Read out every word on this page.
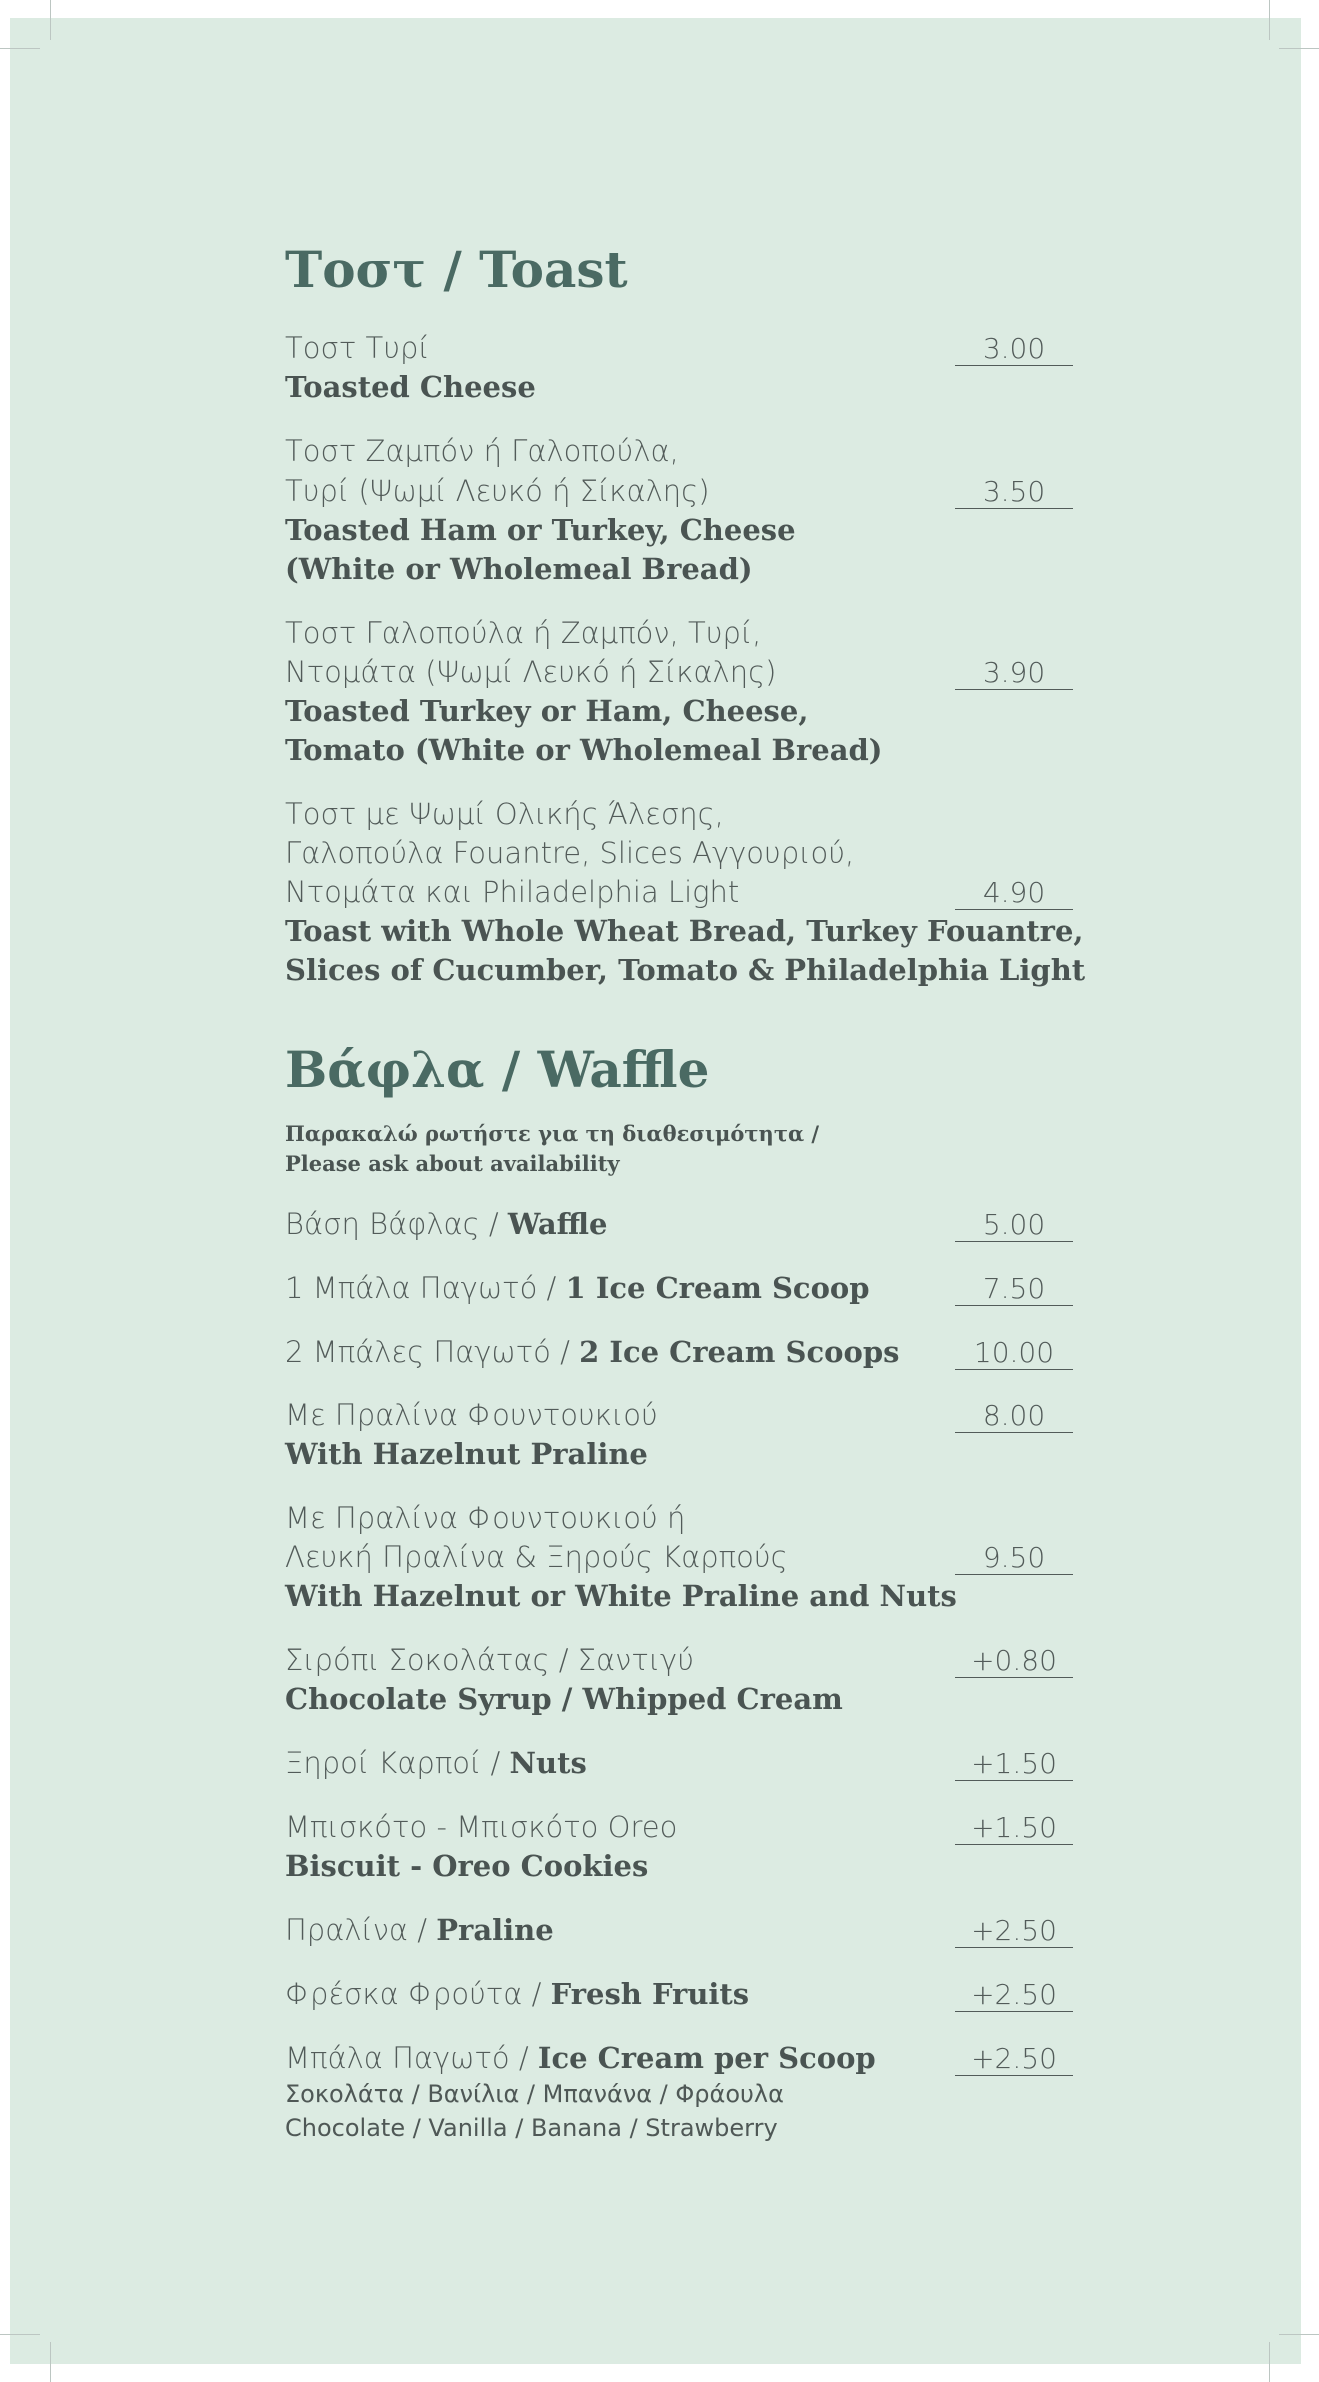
Τοστ / Toast
Τοστ Τυρί	3.00
Toasted Cheese
Τοστ Ζαμπόν ή Γαλοπούλα,
Τυρί (Ψωμί Λευκό ή Σίκαλης)	3.50
Toasted Ham or Turkey, Cheese
(White or Wholemeal Bread)
Τοστ Γαλοπούλα ή Ζαμπόν, Τυρί,
Ντομάτα (Ψωμί Λευκό ή Σίκαλης)	3.90
Toasted Turkey or Ham, Cheese,
Tomato (White or Wholemeal Bread)
Τοστ με Ψωμί Ολικής Άλεσης,
Γαλοπούλα Fouantre, Slices Αγγουριού,
Ντομάτα και Philadelphia Light	4.90
Toast with Whole Wheat Bread, Turkey Fouantre,
Slices of Cucumber, Tomato & Philadelphia Light
Βάφλα / Waffle
Παρακαλώ ρωτήστε για τη διαθεσιμότητα /
Please ask about availability
Βάση Βάφλας / Waffle	5.00
1 Μπάλα Παγωτό / 1 Ice Cream Scoop	7.50
2 Μπάλες Παγωτό / 2 Ice Cream Scoops	10.00
Με Πραλίνα Φουντουκιού	8.00
With Hazelnut Praline
Με Πραλίνα Φουντουκιού ή
Λευκή Πραλίνα & Ξηρούς Καρπούς	9.50
With Hazelnut or White Praline and Nuts
Σιρόπι Σοκολάτας / Σαντιγύ	+0.80
Chocolate Syrup / Whipped Cream
Ξηροί Καρποί / Nuts	+1.50
Μπισκότο - Μπισκότο Oreo	+1.50
Biscuit - Oreo Cookies
Πραλίνα / Praline	+2.50
Φρέσκα Φρούτα / Fresh Fruits	+2.50
Μπάλα Παγωτό / Ice Cream per Scoop	+2.50
Σοκολάτα / Βανίλια / Μπανάνα / Φράουλα
Chocolate / Vanilla / Banana / Strawberry
